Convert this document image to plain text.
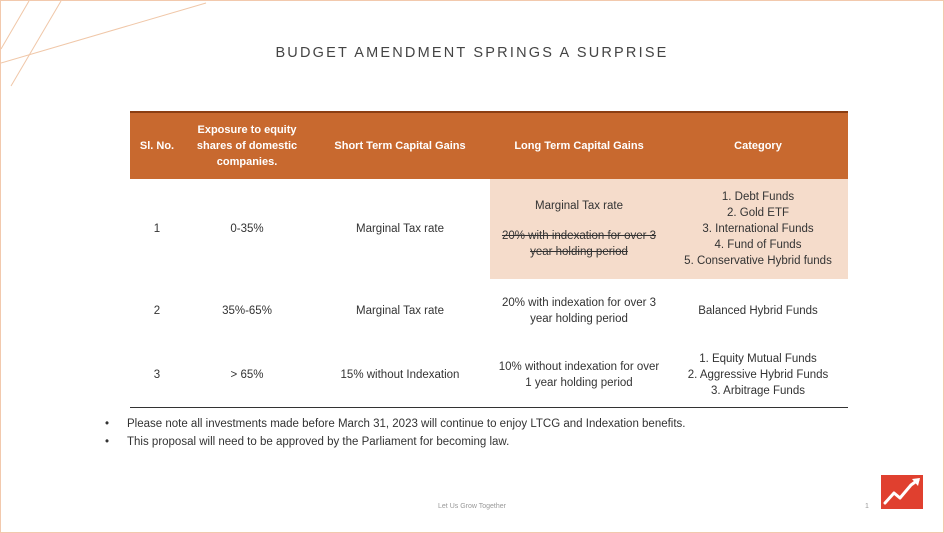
BUDGET AMENDMENT SPRINGS A SURPRISE
Sl. No.	Exposure to equity shares of domestic companies.	Short Term Capital Gains	Long Term Capital Gains	Category
1	0-35%	Marginal Tax rate	Marginal Tax rate
20% with indexation for over 3 year holding period	1. Debt Funds
2. Gold ETF
3. International Funds
4. Fund of Funds
5. Conservative Hybrid funds

2	35%-65%	Marginal Tax rate	20% with indexation for over 3 year holding period	Balanced Hybrid Funds

3	> 65%	15% without Indexation	10% without indexation for over 1 year holding period	1. Equity Mutual Funds
2. Aggressive Hybrid Funds
3. Arbitrage Funds
• Please note all investments made before March 31, 2023 will continue to enjoy LTCG and Indexation benefits.
• This proposal will need to be approved by the Parliament for becoming law.
Let Us Grow Together	1
